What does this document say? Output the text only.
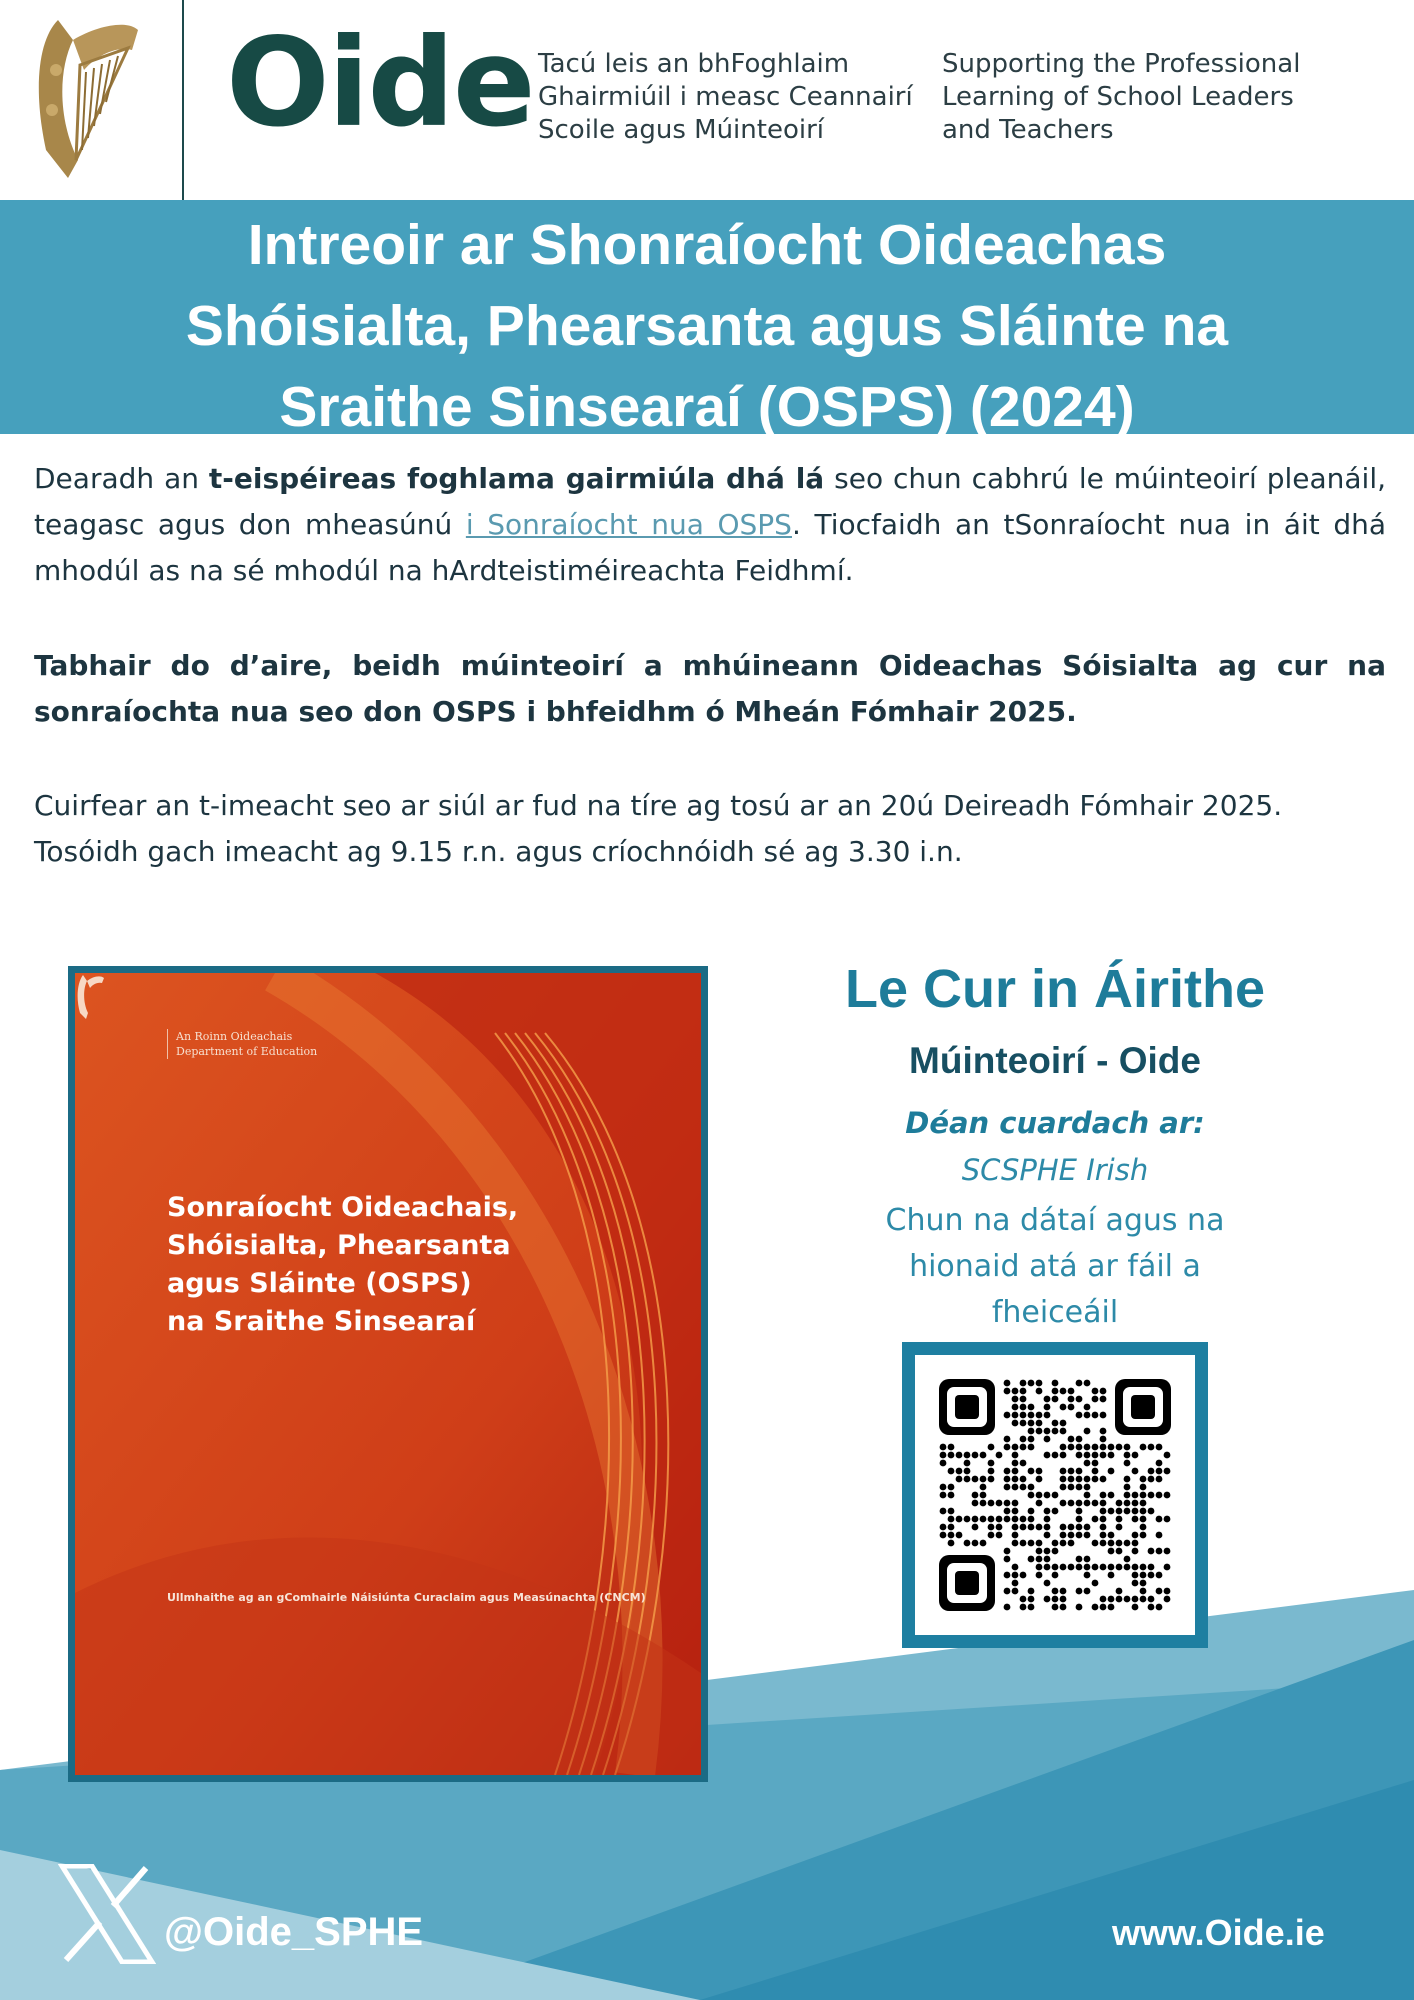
Oide Tacú leis an bhFoghlaim
Ghairmiúil i measc Ceannairí
Scoile agus Múinteoirí
Supporting the Professional
Learning of School Leaders
and Teachers
Intreoir ar Shonraíocht Oideachas
Shóisialta, Phearsanta agus Sláinte na
Sraithe Sinsearaí (OSPS) (2024)
Dearadh an t-eispéireas foghlama gairmiúla dhá lá seo chun cabhrú le múinteoirí pleanáil, teagasc agus don mheasúnú i Sonraíocht nua OSPS. Tiocfaidh an tSonraíocht nua in áit dhá mhodúl as na sé mhodúl na hArdteistiméireachta Feidhmí.
Tabhair do d’aire, beidh múinteoirí a mhúineann Oideachas Sóisialta ag cur na sonraíochta nua seo don OSPS i bhfeidhm ó Mheán Fómhair 2025.
Cuirfear an t-imeacht seo ar siúl ar fud na tíre ag tosú ar an 20ú Deireadh Fómhair 2025.
Tosóidh gach imeacht ag 9.15 r.n. agus críochnóidh sé ag 3.30 i.n.
An Roinn Oideachais
Department of Education
Sonraíocht Oideachais,
Shóisialta, Phearsanta
agus Sláinte (OSPS)
na Sraithe Sinsearaí
Ullmhaithe ag an gComhairle Náisiúnta Curaclaim agus Measúnachta (CNCM)
Le Cur in Áirithe
Múinteoirí - Oide
Déan cuardach ar:
SCSPHE Irish
Chun na dátaí agus na
hionaid atá ar fáil a
fheiceáil
@Oide_SPHE	www.Oide.ie
